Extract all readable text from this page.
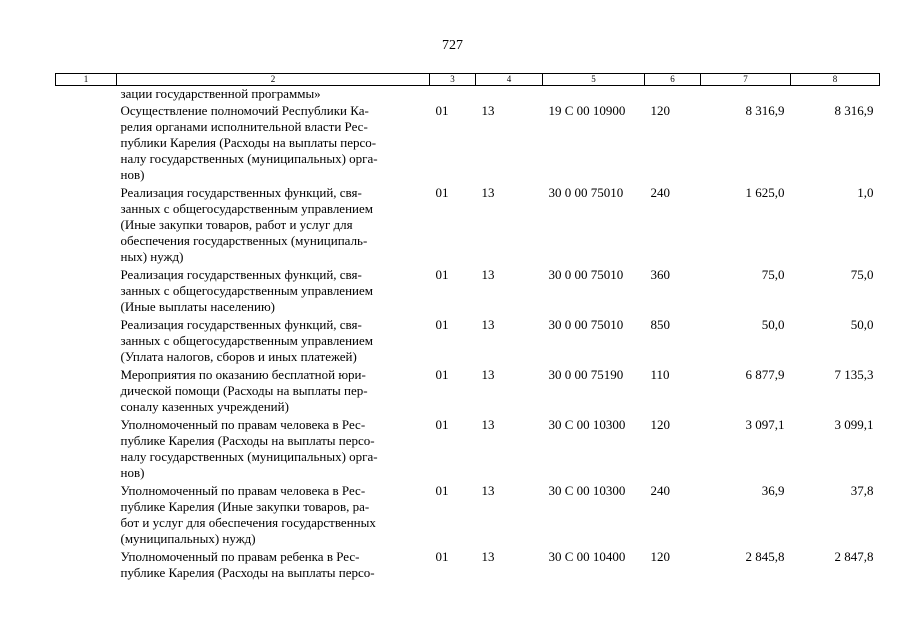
727
1	2	3	4	5	6	7	8
	зации государственной программы»						

	Осуществление полномочий Республики Ка-
релия органами исполнительной власти Рес-
публики Карелия (Расходы на выплаты персо-
налу государственных (муниципальных) орга-
нов)	01	13	19 С 00 10900	120	8 316,9	8 316,9

	Реализация государственных функций, свя-
занных с общегосударственным управлением
(Иные закупки товаров, работ и услуг для
обеспечения государственных (муниципаль-
ных) нужд)	01	13	30 0 00 75010	240	1 625,0	1,0

	Реализация государственных функций, свя-
занных с общегосударственным управлением
(Иные выплаты населению)	01	13	30 0 00 75010	360	75,0	75,0

	Реализация государственных функций, свя-
занных с общегосударственным управлением
(Уплата налогов, сборов и иных платежей)	01	13	30 0 00 75010	850	50,0	50,0

	Мероприятия по оказанию бесплатной юри-
дической помощи (Расходы на выплаты пер-
соналу казенных учреждений)	01	13	30 0 00 75190	110	6 877,9	7 135,3

	Уполномоченный по правам человека в Рес-
публике Карелия (Расходы на выплаты персо-
налу государственных (муниципальных) орга-
нов)	01	13	30 С 00 10300	120	3 097,1	3 099,1

	Уполномоченный по правам человека в Рес-
публике Карелия (Иные закупки товаров, ра-
бот и услуг для обеспечения государственных
(муниципальных) нужд)	01	13	30 С 00 10300	240	36,9	37,8

	Уполномоченный по правам ребенка в Рес-
публике Карелия (Расходы на выплаты персо-	01	13	30 С 00 10400	120	2 845,8	2 847,8
